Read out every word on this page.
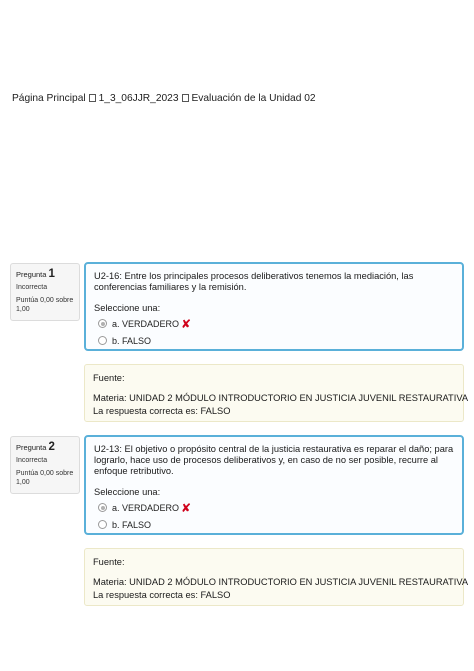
Página Principal 1_3_06JJR_2023 Evaluación de la Unidad 02
Pregunta 1
Incorrecta
Puntúa 0,00 sobre 1,00
U2-16: Entre los principales procesos deliberativos tenemos la mediación, las conferencias familiares y la remisión.
Seleccione una:
a. VERDADERO ✘
b. FALSO
Fuente:
Materia: UNIDAD 2 MÓDULO INTRODUCTORIO EN JUSTICIA JUVENIL RESTAURATIVA
La respuesta correcta es: FALSO
Pregunta 2
Incorrecta
Puntúa 0,00 sobre 1,00
U2-13: El objetivo o propósito central de la justicia restaurativa es reparar el daño; para lograrlo, hace uso de procesos deliberativos y, en caso de no ser posible, recurre al enfoque retributivo.
Seleccione una:
a. VERDADERO ✘
b. FALSO
Fuente:
Materia: UNIDAD 2 MÓDULO INTRODUCTORIO EN JUSTICIA JUVENIL RESTAURATIVA
La respuesta correcta es: FALSO
